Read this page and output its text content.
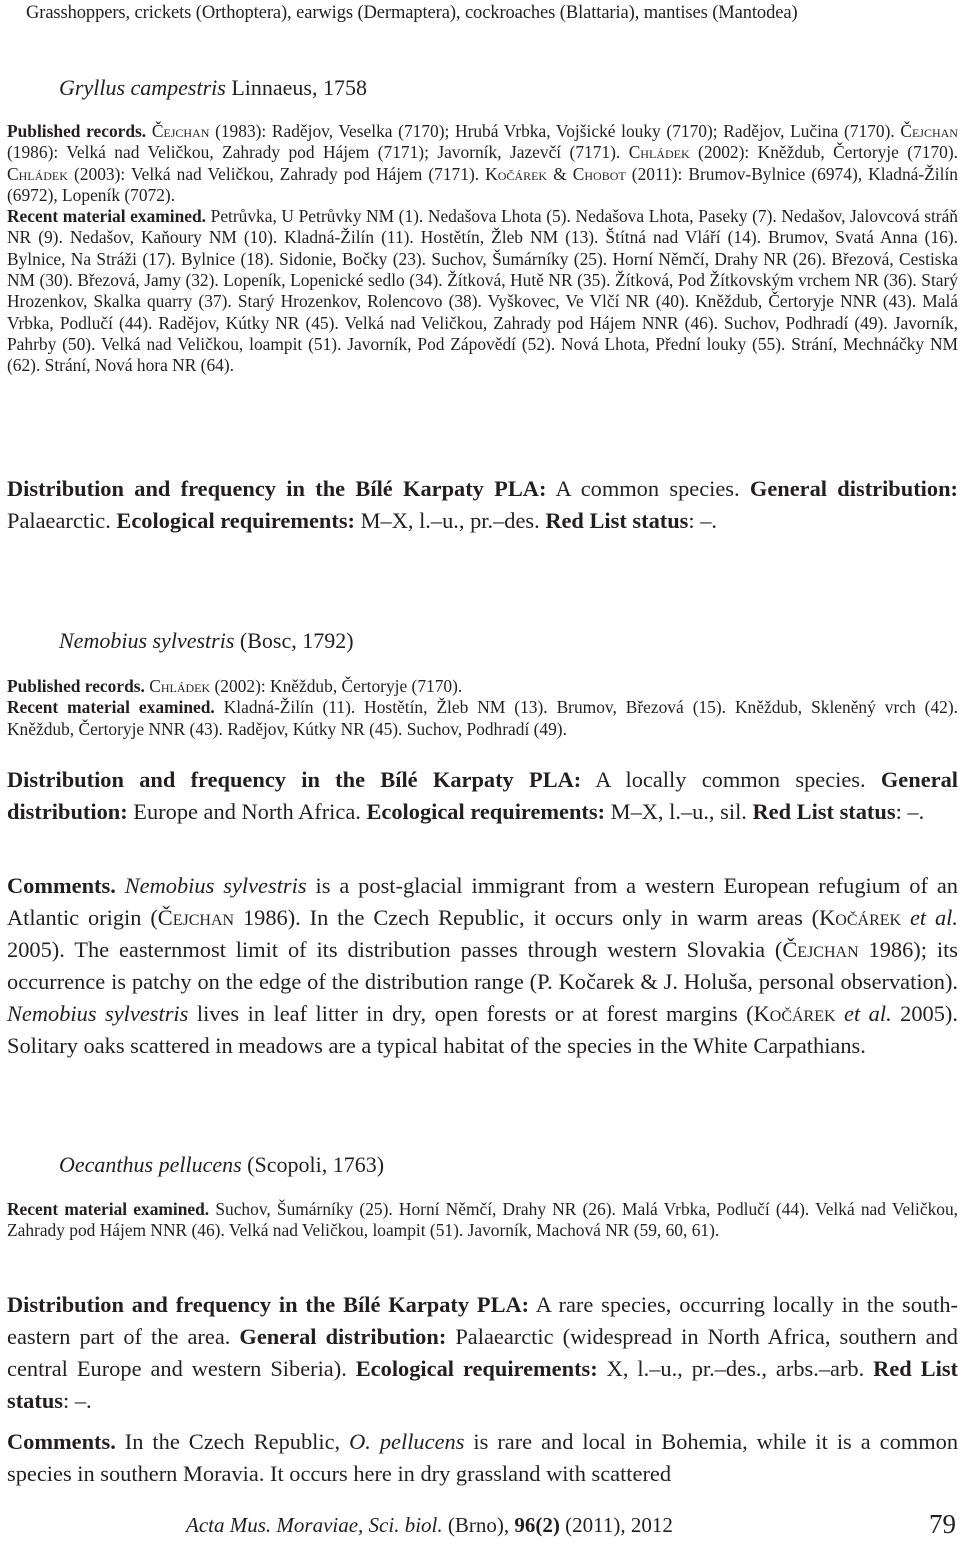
Grasshoppers, crickets (Orthoptera), earwigs (Dermaptera), cockroaches (Blattaria), mantises (Mantodea)
Gryllus campestris Linnaeus, 1758
Published records. Čejchan (1983): Radějov, Veselka (7170); Hrubá Vrbka, Vojšické louky (7170); Radějov, Lučina (7170). Čejchan (1986): Velká nad Veličkou, Zahrady pod Hájem (7171); Javorník, Jazevčí (7171). Chládek (2002): Kněždub, Čertoryje (7170). Chládek (2003): Velká nad Veličkou, Zahrady pod Hájem (7171). Kočárek & Chobot (2011): Brumov-Bylnice (6974), Kladná-Žilín (6972), Lopeník (7072).
Recent material examined. Petrůvka, U Petrůvky NM (1). Nedašova Lhota (5). Nedašova Lhota, Paseky (7). Nedašov, Jalovcová stráň NR (9). Nedašov, Kaňoury NM (10). Kladná-Žilín (11). Hostětín, Žleb NM (13). Štítná nad Vláří (14). Brumov, Svatá Anna (16). Bylnice, Na Stráži (17). Bylnice (18). Sidonie, Bočky (23). Suchov, Šumárníky (25). Horní Němčí, Drahy NR (26). Březová, Cestiska NM (30). Březová, Jamy (32). Lopeník, Lopenické sedlo (34). Žítková, Hutě NR (35). Žítková, Pod Žítkovským vrchem NR (36). Starý Hrozenkov, Skalka quarry (37). Starý Hrozenkov, Rolencovo (38). Vyškovec, Ve Vlčí NR (40). Kněždub, Čertoryje NNR (43). Malá Vrbka, Podlučí (44). Radějov, Kútky NR (45). Velká nad Veličkou, Zahrady pod Hájem NNR (46). Suchov, Podhradí (49). Javorník, Pahrby (50). Velká nad Veličkou, loampit (51). Javorník, Pod Zápovědí (52). Nová Lhota, Přední louky (55). Strání, Mechnáčky NM (62). Strání, Nová hora NR (64).
Distribution and frequency in the Bílé Karpaty PLA: A common species. General distribution: Palaearctic. Ecological requirements: M–X, l.–u., pr.–des. Red List status: –.
Nemobius sylvestris (Bosc, 1792)
Published records. Chládek (2002): Kněždub, Čertoryje (7170).
Recent material examined. Kladná-Žilín (11). Hostětín, Žleb NM (13). Brumov, Březová (15). Kněždub, Skleněný vrch (42). Kněždub, Čertoryje NNR (43). Radějov, Kútky NR (45). Suchov, Podhradí (49).
Distribution and frequency in the Bílé Karpaty PLA: A locally common species. General distribution: Europe and North Africa. Ecological requirements: M–X, l.–u., sil. Red List status: –.
Comments. Nemobius sylvestris is a post-glacial immigrant from a western European refugium of an Atlantic origin (Čejchan 1986). In the Czech Republic, it occurs only in warm areas (Kočárek et al. 2005). The easternmost limit of its distribution passes through western Slovakia (Čejchan 1986); its occurrence is patchy on the edge of the distribution range (P. Kočarek & J. Holuša, personal observation). Nemobius sylvestris lives in leaf litter in dry, open forests or at forest margins (Kočárek et al. 2005). Solitary oaks scattered in meadows are a typical habitat of the species in the White Carpathians.
Oecanthus pellucens (Scopoli, 1763)
Recent material examined. Suchov, Šumárníky (25). Horní Němčí, Drahy NR (26). Malá Vrbka, Podlučí (44). Velká nad Veličkou, Zahrady pod Hájem NNR (46). Velká nad Veličkou, loampit (51). Javorník, Machová NR (59, 60, 61).
Distribution and frequency in the Bílé Karpaty PLA: A rare species, occurring locally in the south-eastern part of the area. General distribution: Palaearctic (widespread in North Africa, southern and central Europe and western Siberia). Ecological requirements: X, l.–u., pr.–des., arbs.–arb. Red List status: –.
Comments. In the Czech Republic, O. pellucens is rare and local in Bohemia, while it is a common species in southern Moravia. It occurs here in dry grassland with scattered
Acta Mus. Moraviae, Sci. biol. (Brno), 96(2) (2011), 2012	79
